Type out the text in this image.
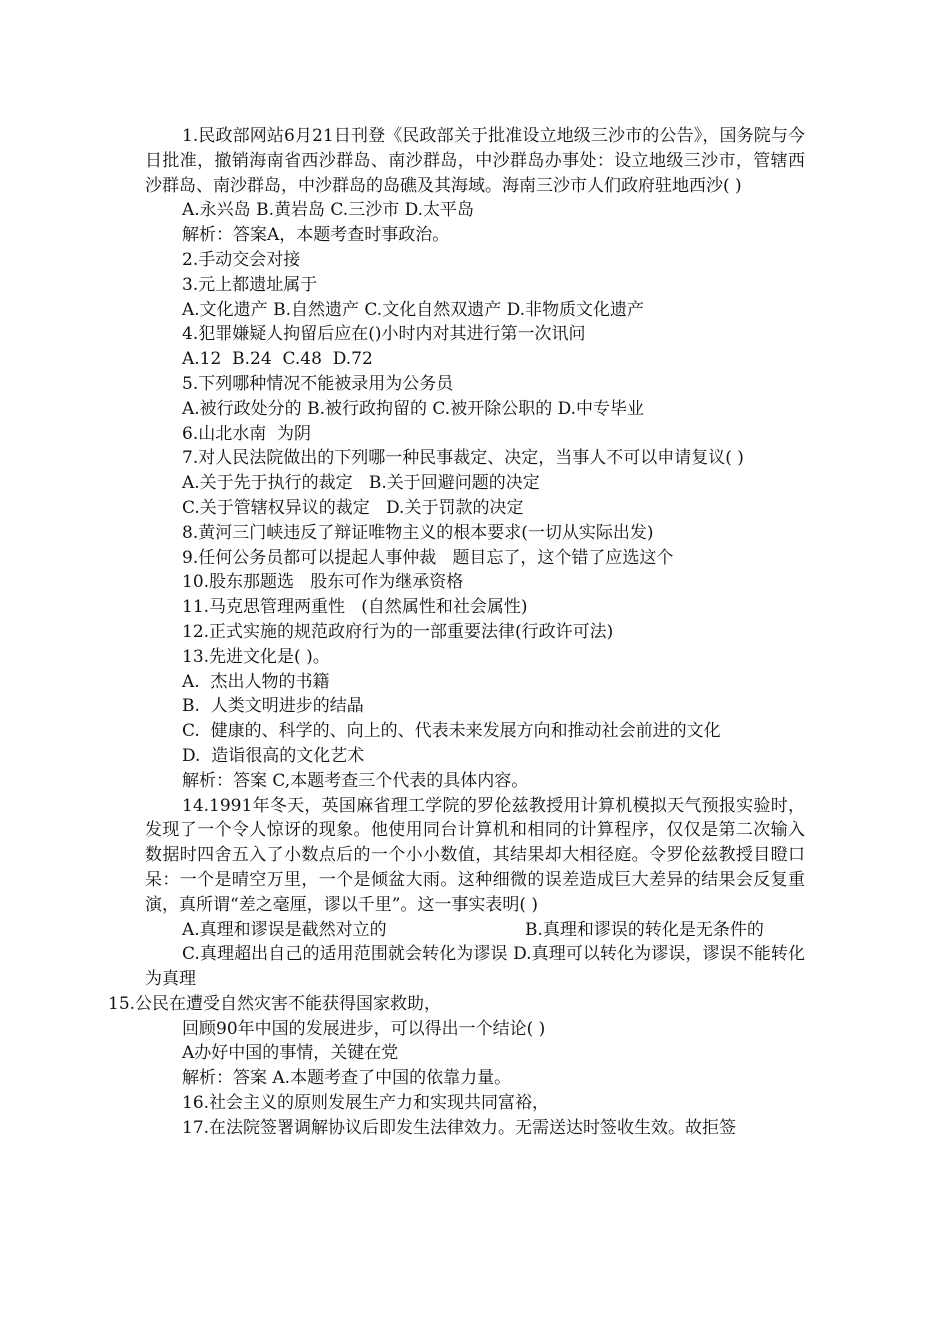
1.民政部网站6月21日刊登《民政部关于批准设立地级三沙市的公告》，国务院与今日批准，撤销海南省西沙群岛、南沙群岛，中沙群岛办事处：设立地级三沙市，管辖西沙群岛、南沙群岛，中沙群岛的岛礁及其海域。海南三沙市人们政府驻地西沙( )

A.永兴岛 B.黄岩岛 C.三沙市 D.太平岛

解析：答案A，本题考查时事政治。

2.手动交会对接

3.元上都遗址属于

A.文化遗产 B.自然遗产 C.文化自然双遗产 D.非物质文化遗产

4.犯罪嫌疑人拘留后应在()小时内对其进行第一次讯问

A.12  B.24  C.48  D.72

5.下列哪种情况不能被录用为公务员

A.被行政处分的 B.被行政拘留的 C.被开除公职的 D.中专毕业

6.山北水南  为阴

7.对人民法院做出的下列哪一种民事裁定、决定，当事人不可以申请复议( )

A.关于先于执行的裁定   B.关于回避问题的决定

C.关于管辖权异议的裁定   D.关于罚款的决定

8.黄河三门峡违反了辩证唯物主义的根本要求(一切从实际出发)

9.任何公务员都可以提起人事仲裁   题目忘了，这个错了应选这个

10.股东那题选   股东可作为继承资格

11.马克思管理两重性   (自然属性和社会属性)

12.正式实施的规范政府行为的一部重要法律(行政许可法)

13.先进文化是( )。

A.  杰出人物的书籍

B.  人类文明进步的结晶

C.  健康的、科学的、向上的、代表未来发展方向和推动社会前进的文化

D.  造诣很高的文化艺术

解析：答案 C,本题考查三个代表的具体内容。

14.1991年冬天，英国麻省理工学院的罗伦兹教授用计算机模拟天气预报实验时，发现了一个令人惊讶的现象。他使用同台计算机和相同的计算程序，仅仅是第二次输入数据时四舍五入了小数点后的一个小小数值，其结果却大相径庭。令罗伦兹教授目瞪口呆：一个是晴空万里，一个是倾盆大雨。这种细微的误差造成巨大差异的结果会反复重演，真所谓“差之毫厘，谬以千里”。这一事实表明( )

A.真理和谬误是截然对立的	B.真理和谬误的转化是无条件的

C.真理超出自己的适用范围就会转化为谬误 D.真理可以转化为谬误，谬误不能转化为真理

15.公民在遭受自然灾害不能获得国家救助，

回顾90年中国的发展进步，可以得出一个结论( )

A办好中国的事情，关键在党

解析：答案 A.本题考查了中国的依靠力量。

16.社会主义的原则发展生产力和实现共同富裕，

17.在法院签署调解协议后即发生法律效力。无需送达时签收生效。故拒签
